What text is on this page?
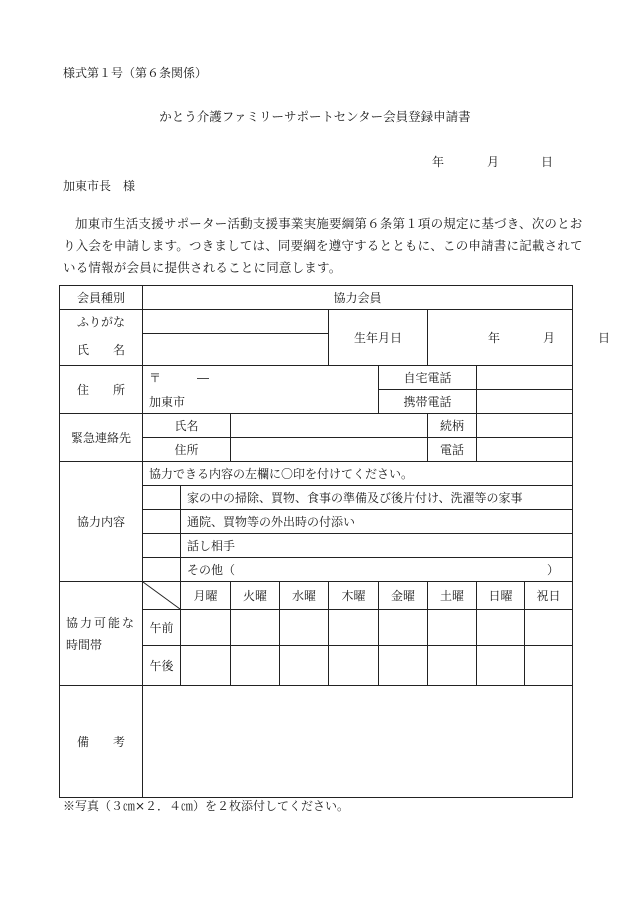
様式第１号（第６条関係）
かとう介護ファミリーサポートセンター会員登録申請書
年	月	日
加東市長　様
加東市生活支援サポーター活動支援事業実施要綱第６条第１項の規定に基づき、次のとおり入会を申請します。つきましては、同要綱を遵守するとともに、この申請書に記載されている情報が会員に提供されることに同意します。
会員種別	協力会員								
ふりがな					生年月日		年 月 日		
氏　　名									
住　　所	〒　　　―					自宅電話			
	加東市					携帯電話			
緊急連絡先	氏名						続柄		
	住所						電話		
協力内容	協力できる内容の左欄に〇印を付けてください。								
		家の中の掃除、買物、食事の準備及び後片付け、洗濯等の家事							
		通院、買物等の外出時の付添い							
		話し相手							
		その他（　　　　　　　　　　　　　　　　　　　　　　　　　　）							

協力可能な
時間帯		月曜	火曜	水曜	木曜	金曜	土曜	日曜	祝日
	午前								
	午後								
備　　考									
※写真（３㎝×２．４㎝）を２枚添付してください。
